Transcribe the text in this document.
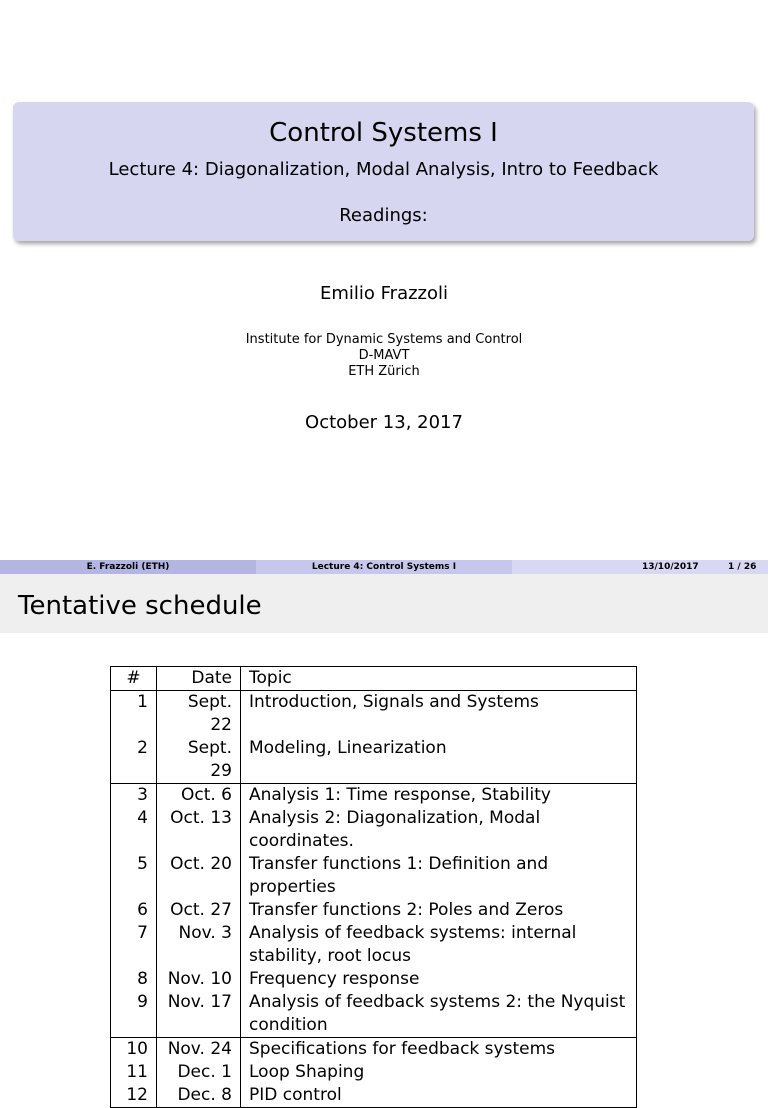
Control Systems I
Lecture 4: Diagonalization, Modal Analysis, Intro to Feedback
Readings:
Emilio Frazzoli
Institute for Dynamic Systems and Control
D-MAVT
ETH Zürich
October 13, 2017
E. Frazzoli (ETH)	Lecture 4: Control Systems I	13/10/2017	1 / 26
Tentative schedule
#	Date	Topic
1	Sept. 22	Introduction, Signals and Systems
2	Sept. 29	Modeling, Linearization
3	Oct. 6	Analysis 1: Time response, Stability
4	Oct. 13	Analysis 2: Diagonalization, Modal coordinates.
5	Oct. 20	Transfer functions 1: Definition and properties
6	Oct. 27	Transfer functions 2: Poles and Zeros
7	Nov. 3	Analysis of feedback systems: internal stability, root locus
8	Nov. 10	Frequency response
9	Nov. 17	Analysis of feedback systems 2: the Nyquist condition
10	Nov. 24	Specifications for feedback systems
11	Dec. 1	Loop Shaping
12	Dec. 8	PID control
